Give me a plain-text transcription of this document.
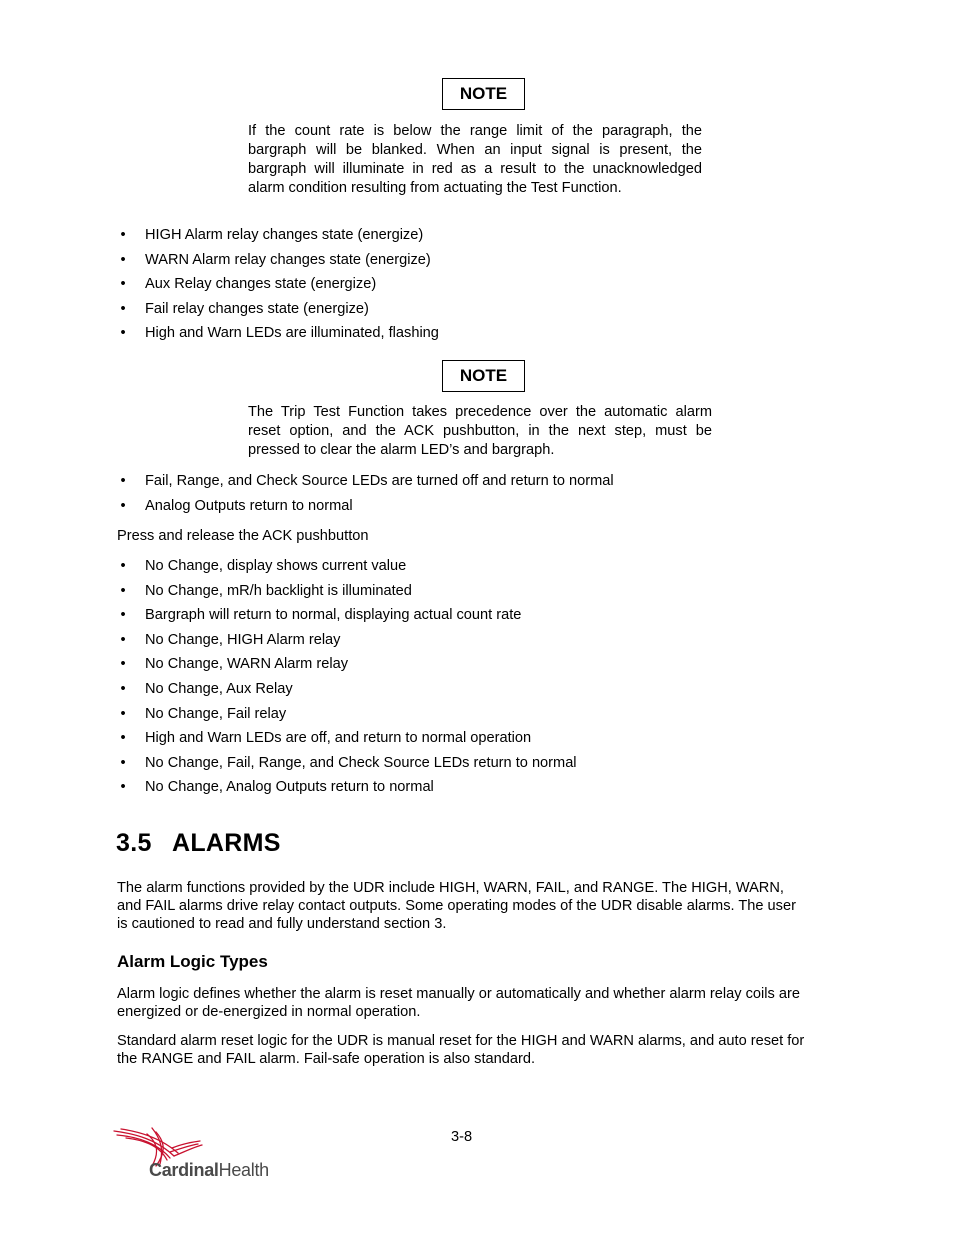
NOTE
If the count rate is below the range limit of the paragraph, the
bargraph will be blanked. When an input signal is present, the
bargraph will illuminate in red as a result to the unacknowledged
alarm condition resulting from actuating the Test Function.
• HIGH Alarm relay changes state (energize)
• WARN Alarm relay changes state (energize)
• Aux Relay changes state (energize)
• Fail relay changes state (energize)
• High and Warn LEDs are illuminated, flashing
NOTE
The Trip Test Function takes precedence over the automatic alarm
reset option, and the ACK pushbutton, in the next step, must be
pressed to clear the alarm LED’s and bargraph.
• Fail, Range, and Check Source LEDs are turned off and return to normal
• Analog Outputs return to normal
Press and release the ACK pushbutton
• No Change, display shows current value
• No Change, mR/h backlight is illuminated
• Bargraph will return to normal, displaying actual count rate
• No Change, HIGH Alarm relay
• No Change, WARN Alarm relay
• No Change, Aux Relay
• No Change, Fail relay
• High and Warn LEDs are off, and return to normal operation
• No Change, Fail, Range, and Check Source LEDs return to normal
• No Change, Analog Outputs return to normal
3.5 ALARMS
The alarm functions provided by the UDR include HIGH, WARN, FAIL, and RANGE. The HIGH, WARN,
and FAIL alarms drive relay contact outputs. Some operating modes of the UDR disable alarms. The user
is cautioned to read and fully understand section 3.
Alarm Logic Types
Alarm logic defines whether the alarm is reset manually or automatically and whether alarm relay coils are
energized or de-energized in normal operation.
Standard alarm reset logic for the UDR is manual reset for the HIGH and WARN alarms, and auto reset for
the RANGE and FAIL alarm. Fail-safe operation is also standard.
3-8
CardinalHealth
